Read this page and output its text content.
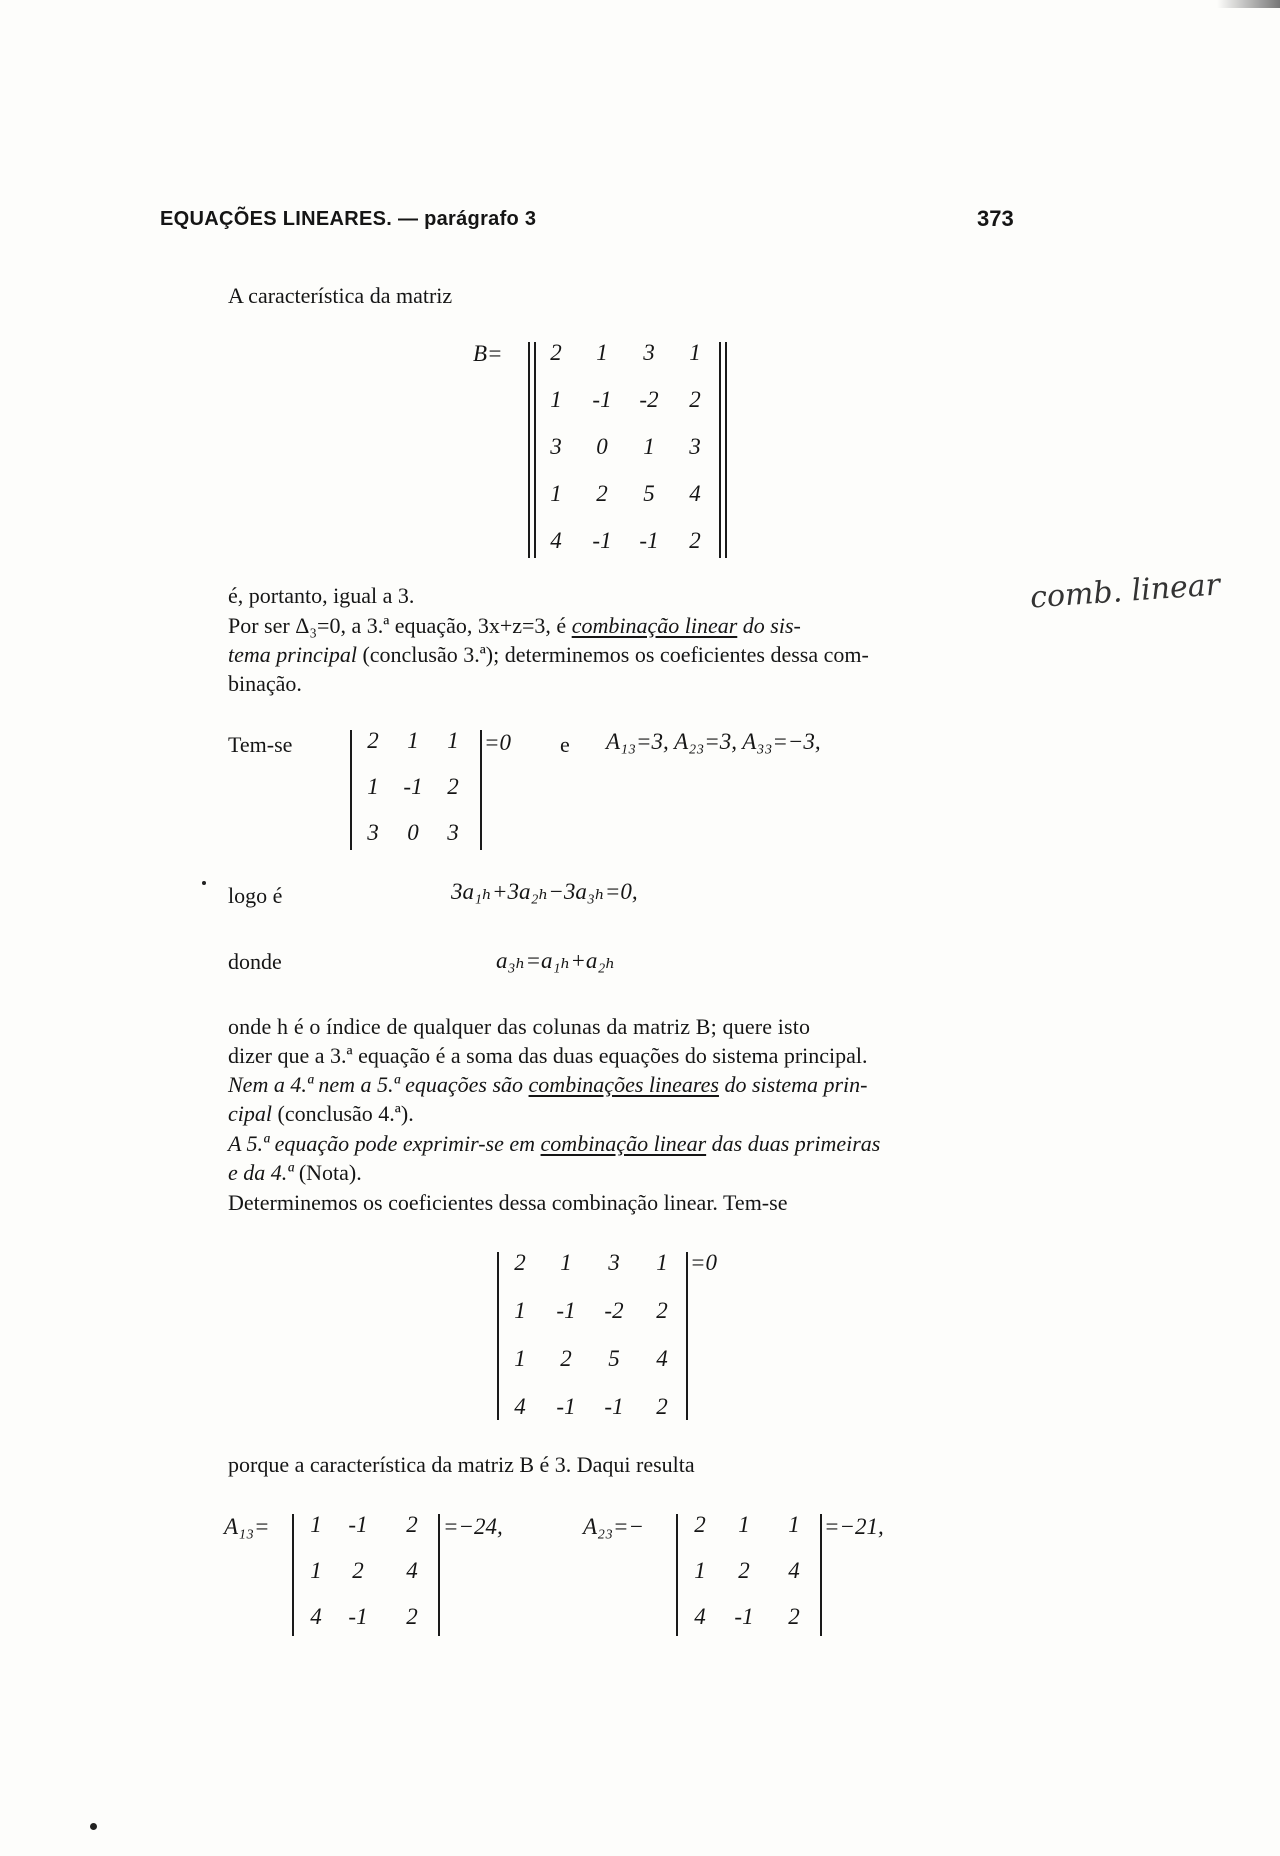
EQUAÇÕES LINEARES. — parágrafo 3	373
A característica da matriz
B=	2	1	3	1
1	-1	-2	2
3	0	1	3
1	2	5	4
4	-1	-1	2
é, portanto, igual a 3.
Por ser Δ₃=0, a 3.ª equação, 3x+z=3, é combinação linear do sis-
tema principal (conclusão 3.ª); determinemos os coeficientes dessa com-
binação.
comb. linear
Tem-se	2	1	1
1	-1	2
3	0	3
=0 e A₁₃=3, A₂₃=3, A₃₃=−3,
logo é	3a₁ₕ+3a₂ₕ−3a₃ₕ=0,
donde	a₃ₕ=a₁ₕ+a₂ₕ
onde h é o índice de qualquer das colunas da matriz B; quere isto
dizer que a 3.ª equação é a soma das duas equações do sistema principal.
Nem a 4.ª nem a 5.ª equações são combinações lineares do sistema prin-
cipal (conclusão 4.ª).
A 5.ª equação pode exprimir-se em combinação linear das duas primeiras
e da 4.ª (Nota).
Determinemos os coeficientes dessa combinação linear. Tem-se
2	1	3	1
1	-1	-2	2
1	2	5	4
4	-1	-1	2
=0
porque a característica da matriz B é 3. Daqui resulta
A₁₃=	1	-1	2
1	2	4
4	-1	2
=−24,	A₂₃=−	2	1	1
1	2	4
4	-1	2
=−21,
